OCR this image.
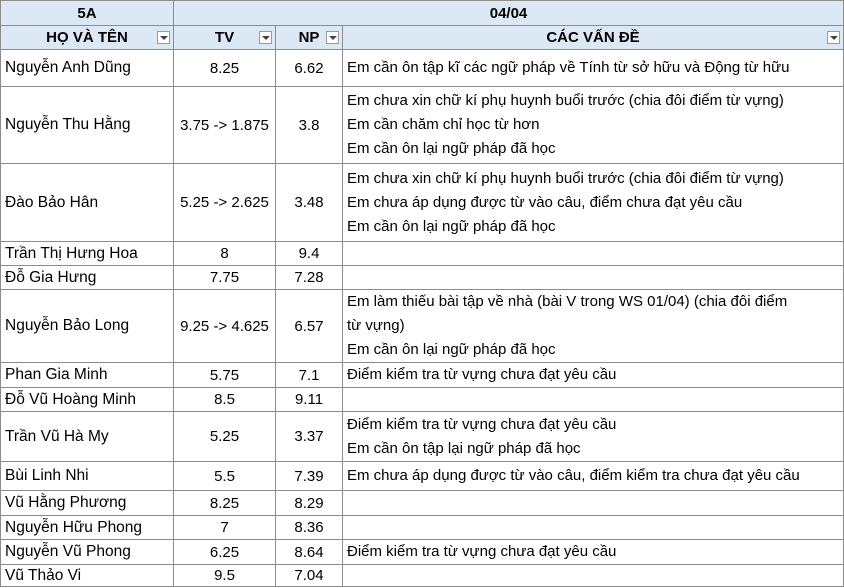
5A	04/04		
HỌ VÀ TÊN	TV	NP	CÁC VẤN ĐỀ

Nguyễn Anh Dũng	8.25	6.62	Em cần ôn tập kĩ các ngữ pháp về Tính từ sở hữu và Động từ hữu

Nguyễn Thu Hằng	3.75 -> 1.875	3.8	Em chưa xin chữ kí phụ huynh buổi trước (chia đôi điểm từ vựng)
Em cần chăm chỉ học từ hơn
Em cần ôn lại ngữ pháp đã học

Đào Bảo Hân	5.25 -> 2.625	3.48	Em chưa xin chữ kí phụ huynh buổi trước (chia đôi điểm từ vựng)
Em chưa áp dụng được từ vào câu, điểm chưa đạt yêu cầu
Em cần ôn lại ngữ pháp đã học

Trần Thị Hưng Hoa	8	9.4	
Đỗ Gia Hưng	7.75	7.28	
Nguyễn Bảo Long	9.25 -> 4.625	6.57	Em làm thiếu bài tập về nhà (bài V trong WS 01/04) (chia đôi điểm
từ vựng)
Em cần ôn lại ngữ pháp đã học

Phan Gia Minh	5.75	7.1	Điểm kiểm tra từ vựng chưa đạt yêu cầu

Đỗ Vũ Hoàng Minh	8.5	9.11	
Trần Vũ Hà My	5.25	3.37	Điểm kiểm tra từ vựng chưa đạt yêu cầu
Em cần ôn tập lại ngữ pháp đã học

Bùi Linh Nhi	5.5	7.39	Em chưa áp dụng được từ vào câu, điểm kiểm tra chưa đạt yêu cầu

Vũ Hằng Phương	8.25	8.29	
Nguyễn Hữu Phong	7	8.36	
Nguyễn Vũ Phong	6.25	8.64	Điểm kiểm tra từ vựng chưa đạt yêu cầu

Vũ Thảo Vi	9.5	7.04	
